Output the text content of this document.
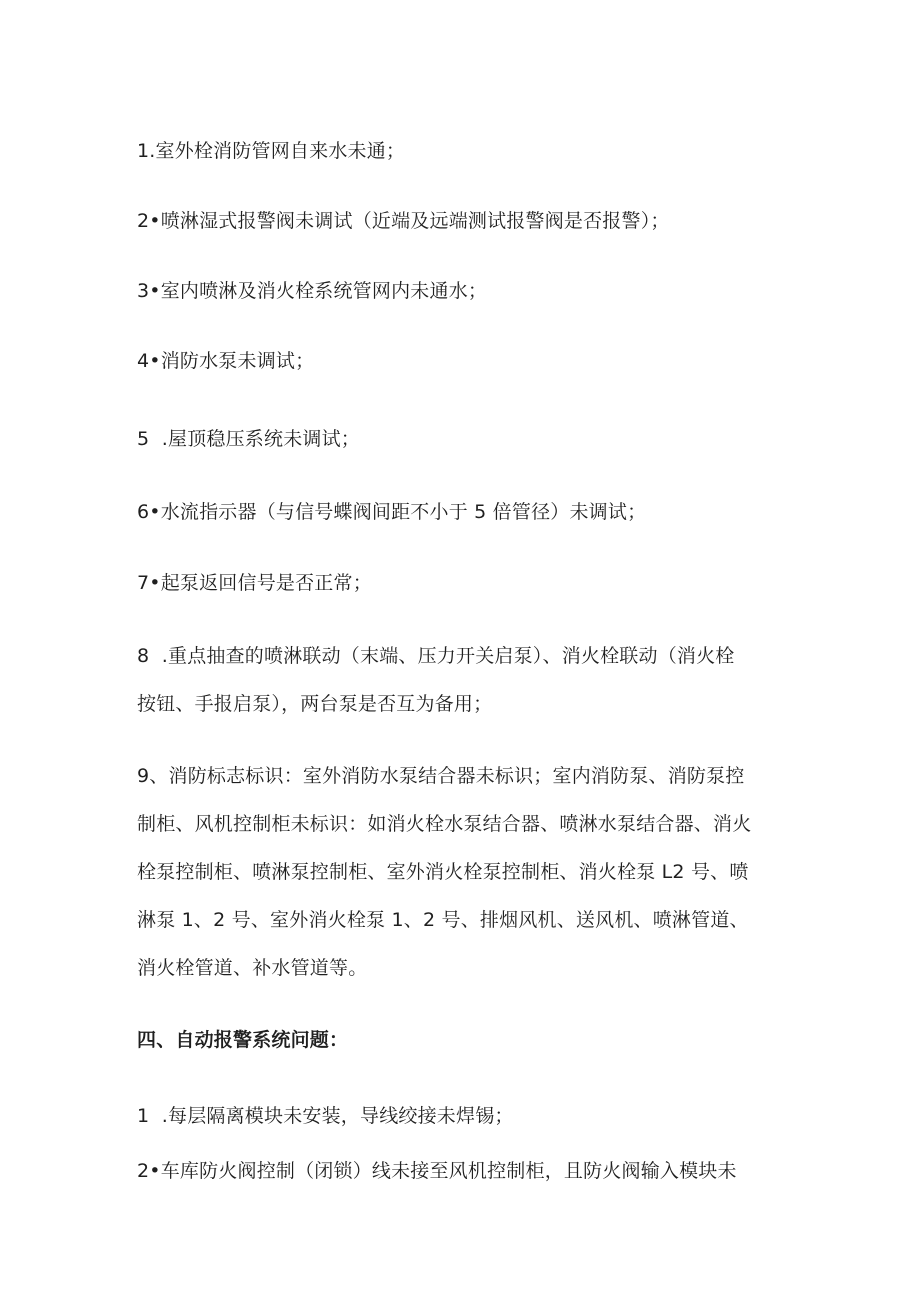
1.室外栓消防管网自来水未通；
2•喷淋湿式报警阀未调试（近端及远端测试报警阀是否报警）；
3•室内喷淋及消火栓系统管网内未通水；
4•消防水泵未调试；
5  .屋顶稳压系统未调试；
6•水流指示器（与信号蝶阀间距不小于 5 倍管径）未调试；
7•起泵返回信号是否正常；
8  .重点抽查的喷淋联动（末端、压力开关启泵）、消火栓联动（消火栓
按钮、手报启泵），两台泵是否互为备用；
9、消防标志标识：室外消防水泵结合器未标识；室内消防泵、消防泵控
制柜、风机控制柜未标识：如消火栓水泵结合器、喷淋水泵结合器、消火
栓泵控制柜、喷淋泵控制柜、室外消火栓泵控制柜、消火栓泵 L2 号、喷
淋泵 1、2 号、室外消火栓泵 1、2 号、排烟风机、送风机、喷淋管道、
消火栓管道、补水管道等。
四、自动报警系统问题：
1  .每层隔离模块未安装，导线绞接未焊锡；
2•车库防火阀控制（闭锁）线未接至风机控制柜，且防火阀输入模块未
